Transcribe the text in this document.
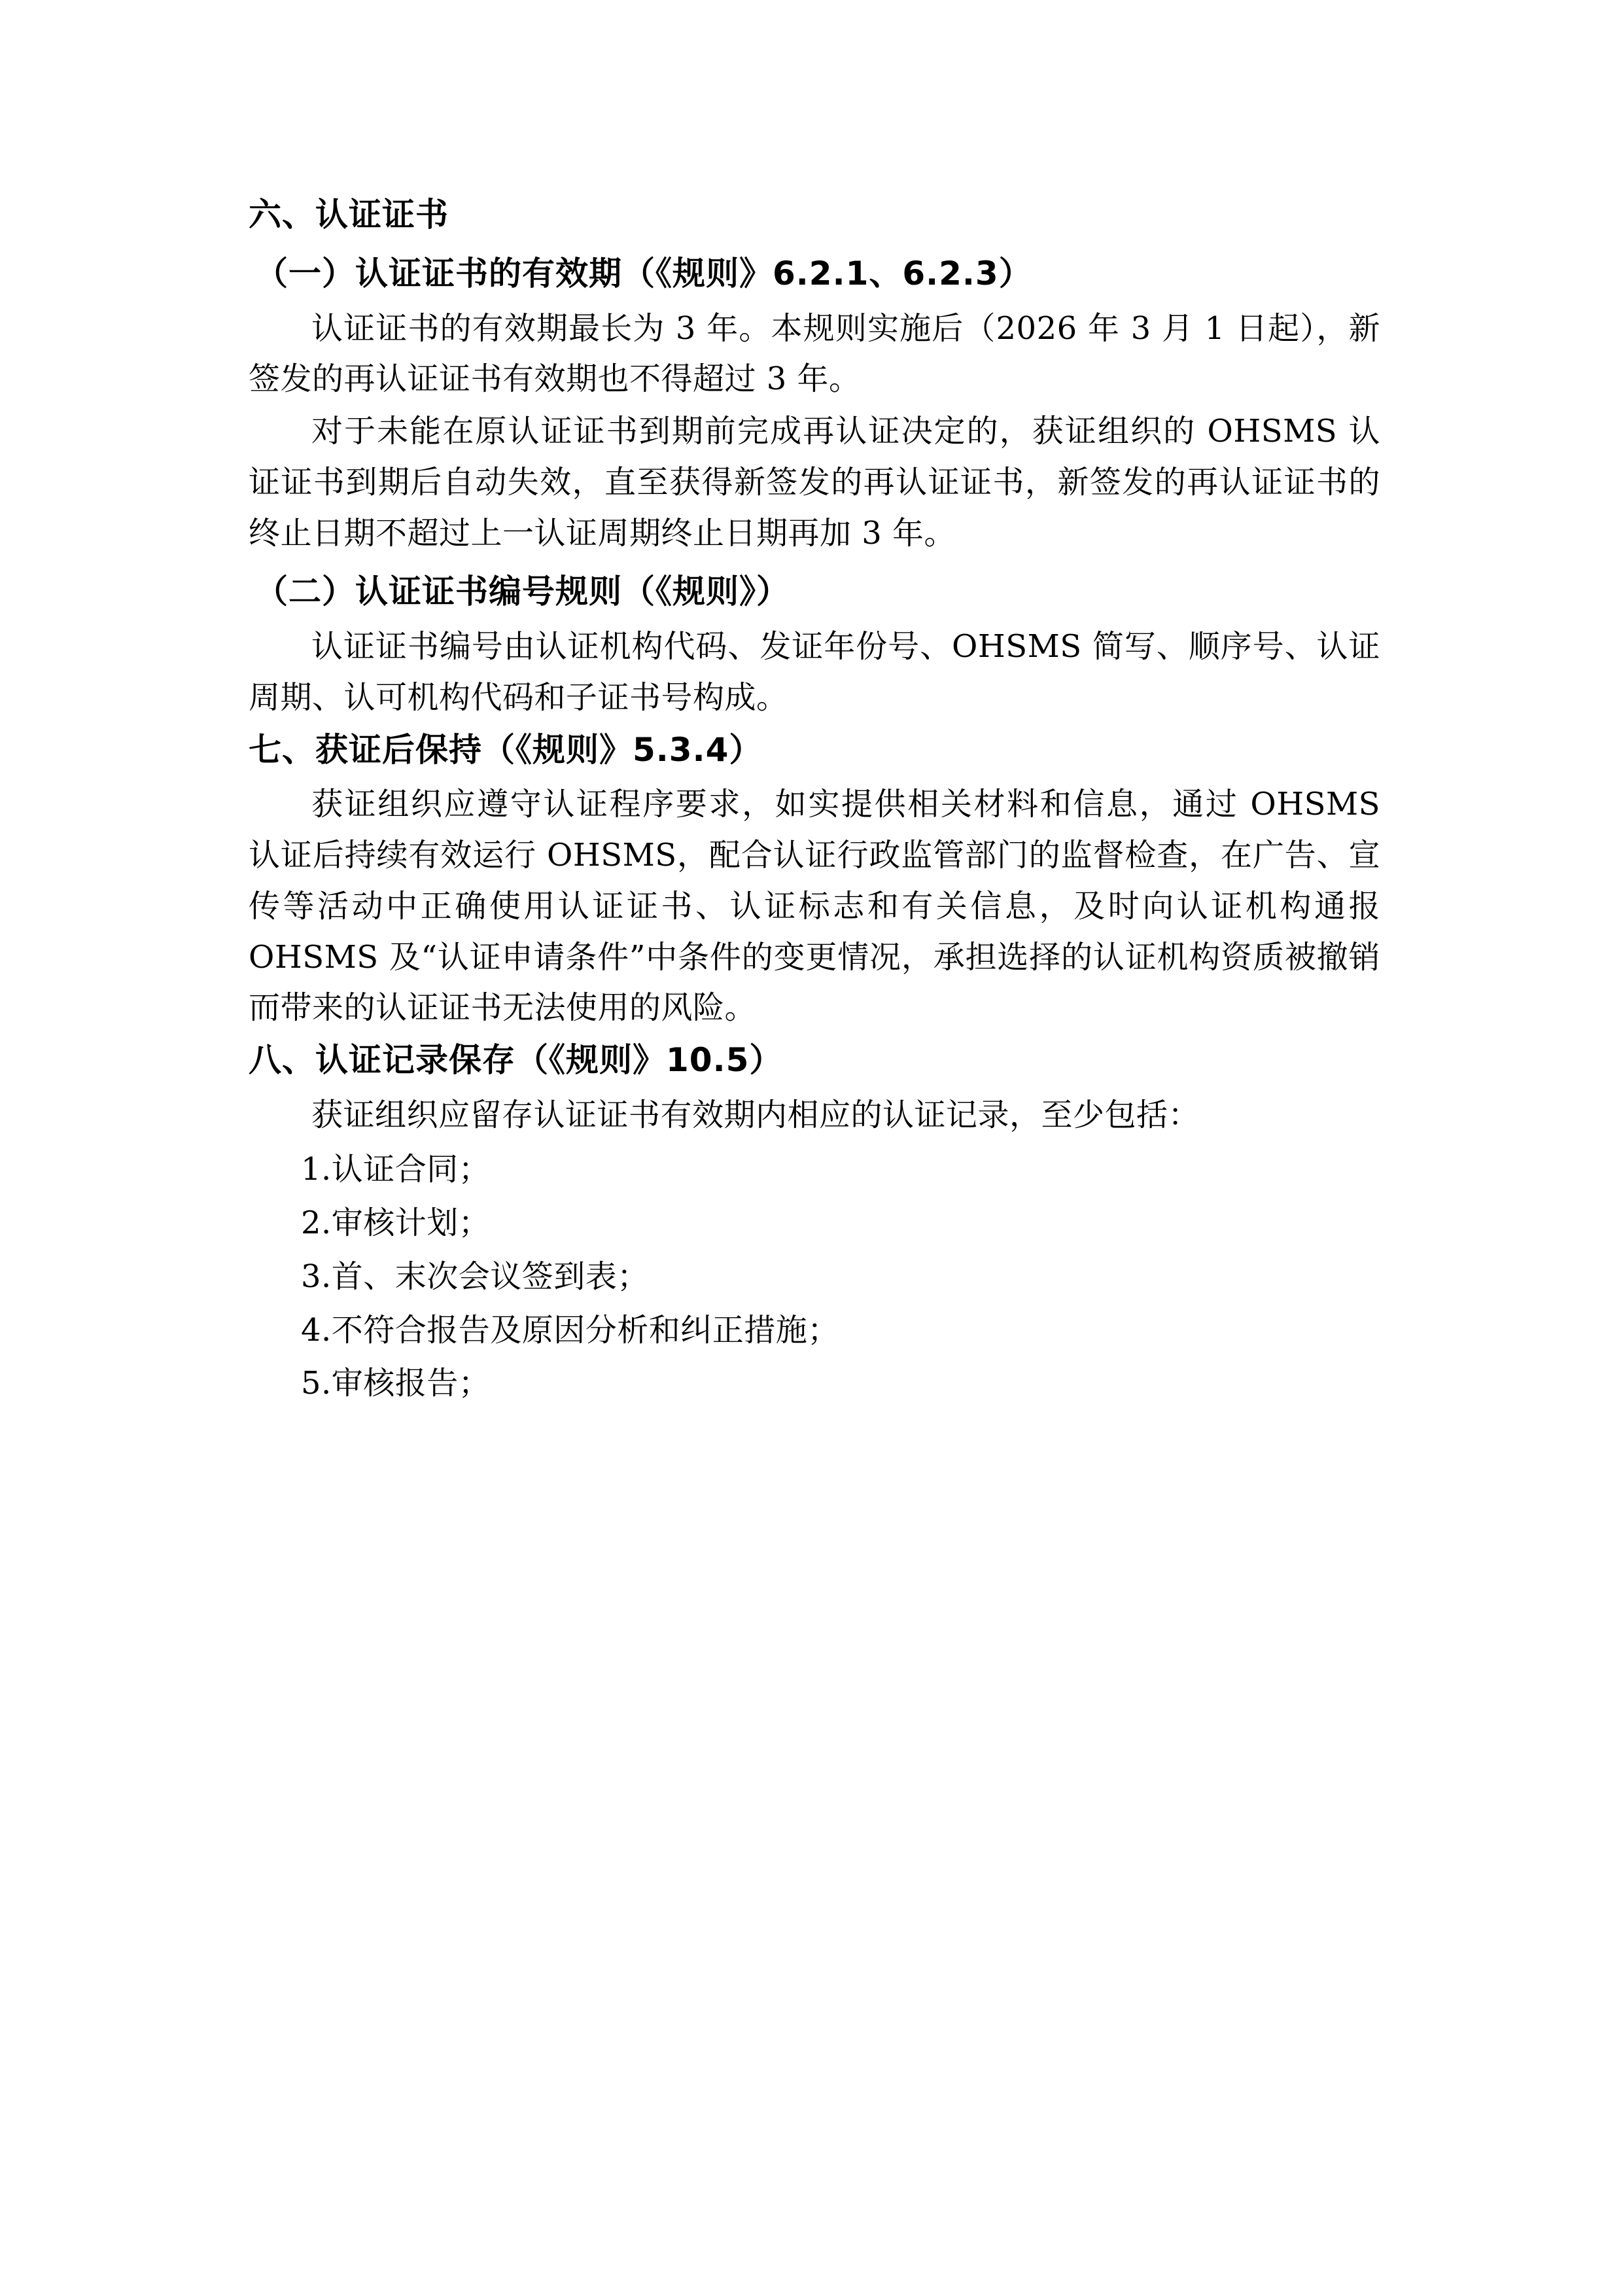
六、认证证书
（一）认证证书的有效期（《规则》6.2.1、6.2.3）

认证证书的有效期最长为 3 年。本规则实施后（2026 年 3 月 1 日起），新签发的再认证证书有效期也不得超过 3 年。

对于未能在原认证证书到期前完成再认证决定的，获证组织的 OHSMS 认证证书到期后自动失效，直至获得新签发的再认证证书，新签发的再认证证书的终止日期不超过上一认证周期终止日期再加 3 年。

（二）认证证书编号规则（《规则》）

认证证书编号由认证机构代码、发证年份号、OHSMS 简写、顺序号、认证周期、认可机构代码和子证书号构成。

七、获证后保持（《规则》5.3.4）

获证组织应遵守认证程序要求，如实提供相关材料和信息，通过 OHSMS 认证后持续有效运行 OHSMS，配合认证行政监管部门的监督检查，在广告、宣传等活动中正确使用认证证书、认证标志和有关信息，及时向认证机构通报 OHSMS 及“认证申请条件”中条件的变更情况，承担选择的认证机构资质被撤销而带来的认证证书无法使用的风险。

八、认证记录保存（《规则》10.5）

获证组织应留存认证证书有效期内相应的认证记录，至少包括：

1.认证合同；
2.审核计划；
3.首、末次会议签到表；
4.不符合报告及原因分析和纠正措施；
5.审核报告；
